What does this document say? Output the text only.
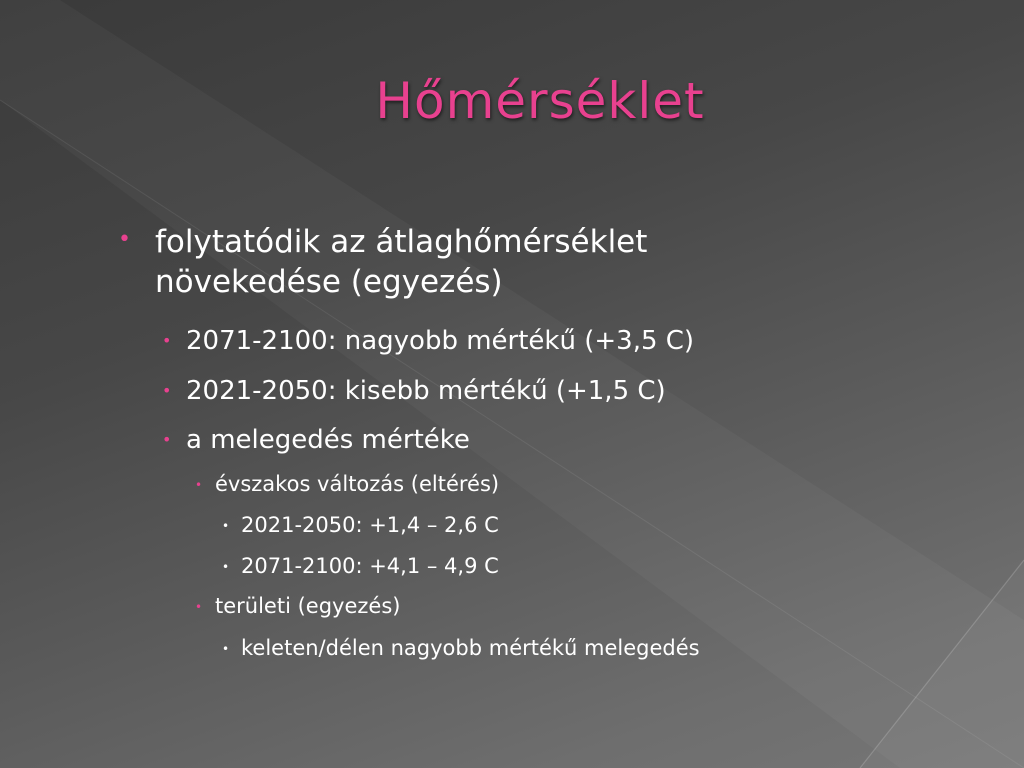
Hőmérséklet
• folytatódik az átlaghőmérséklet
növekedése (egyezés)
• 2071-2100: nagyobb mértékű (+3,5 C)
• 2021-2050: kisebb mértékű (+1,5 C)
• a melegedés mértéke
• évszakos változás (eltérés)
• 2021-2050: +1,4 – 2,6 C
• 2071-2100: +4,1 – 4,9 C
• területi (egyezés)
• keleten/délen nagyobb mértékű melegedés
